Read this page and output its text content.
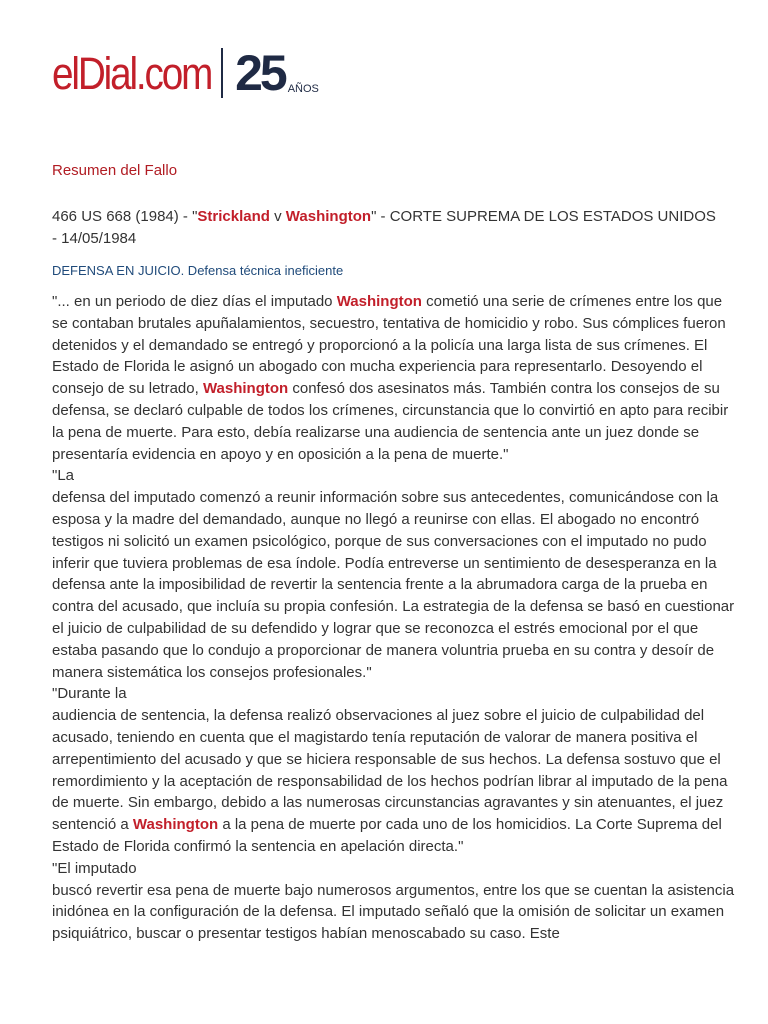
elDial.com 25 AÑOS
Resumen del Fallo
466 US 668 (1984) - "Strickland v Washington" - CORTE SUPREMA DE LOS ESTADOS UNIDOS - 14/05/1984
DEFENSA EN JUICIO. Defensa técnica ineficiente

"... en un periodo de diez días el imputado Washington cometió una serie de crímenes entre los que se contaban brutales apuñalamientos, secuestro, tentativa de homicidio y robo. Sus cómplices fueron detenidos y el demandado se entregó y proporcionó a la policía una larga lista de sus crímenes. El Estado de Florida le asignó un abogado con mucha experiencia para representarlo. Desoyendo el consejo de su letrado, Washington confesó dos asesinatos más. También contra los consejos de su defensa, se declaró culpable de todos los crímenes, circunstancia que lo convirtió en apto para recibir la pena de muerte. Para esto, debía realizarse una audiencia de sentencia ante un juez donde se presentaría evidencia en apoyo y en oposición a la pena de muerte."

"La

defensa del imputado comenzó a reunir información sobre sus antecedentes, comunicándose con la esposa y la madre del demandado, aunque no llegó a reunirse con ellas. El abogado no encontró testigos ni solicitó un examen psicológico, porque de sus conversaciones con el imputado no pudo inferir que tuviera problemas de esa índole. Podía entreverse un sentimiento de desesperanza en la defensa ante la imposibilidad de revertir la sentencia frente a la abrumadora carga de la prueba en contra del acusado, que incluía su propia confesión. La estrategia de la defensa se basó en cuestionar el juicio de culpabilidad de su defendido y lograr que se reconozca el estrés emocional por el que estaba pasando que lo condujo a proporcionar de manera voluntria prueba en su contra y desoír de manera sistemática los consejos profesionales."

"Durante la

audiencia de sentencia, la defensa realizó observaciones al juez sobre el juicio de culpabilidad del acusado, teniendo en cuenta que el magistardo tenía reputación de valorar de manera positiva el arrepentimiento del acusado y que se hiciera responsable de sus hechos. La defensa sostuvo que el remordimiento y la aceptación de responsabilidad de los hechos podrían librar al imputado de la pena de muerte. Sin embargo, debido a las numerosas circunstancias agravantes y sin atenuantes, el juez sentenció a Washington a la pena de muerte por cada uno de los homicidios. La Corte Suprema del Estado de Florida confirmó la sentencia en apelación directa."

"El imputado

buscó revertir esa pena de muerte bajo numerosos argumentos, entre los que se cuentan la asistencia inidónea en la configuración de la defensa. El imputado señaló que la omisión de solicitar un examen psiquiátrico, buscar o presentar testigos habían menoscabado su caso. Este
